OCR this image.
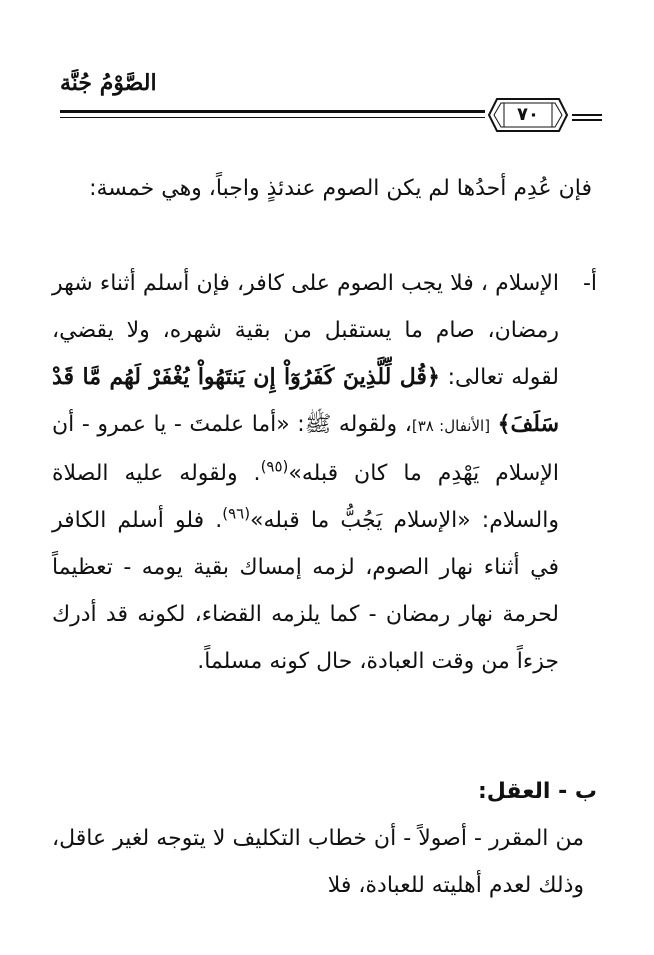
الصَّوْمُ جُنَّة
٧٠
فإن عُدِم أحدُها لم يكن الصوم عندئذٍ واجباً، وهي خمسة:
أ-
الإسلام ، فلا يجب الصوم على كافر، فإن أسلم أثناء شهر رمضان، صام ما يستقبل من بقية شهره، ولا يقضي، لقوله تعالى: ﴿قُل لِّلَّذِينَ كَفَرُوٓاْ إِن يَنتَهُواْ يُغْفَرْ لَهُم مَّا قَدْ سَلَفَ﴾ [الأنفال: ٣٨]، ولقوله ﷺ: «أما علمتَ - يا عمرو - أن الإسلام يَهْدِم ما كان قبله»$^{(٩٥)}$. ولقوله عليه الصلاة والسلام: «الإسلام يَجُبُّ ما قبله»$^{(٩٦)}$. فلو أسلم الكافر في أثناء نهار الصوم، لزمه إمساك بقية يومه - تعظيماً لحرمة نهار رمضان - كما يلزمه القضاء، لكونه قد أدرك جزءاً من وقت العبادة، حال كونه مسلماً.
ب - العقل:
من المقرر - أصولاً - أن خطاب التكليف لا يتوجه لغير عاقل، وذلك لعدم أهليته للعبادة، فلا
